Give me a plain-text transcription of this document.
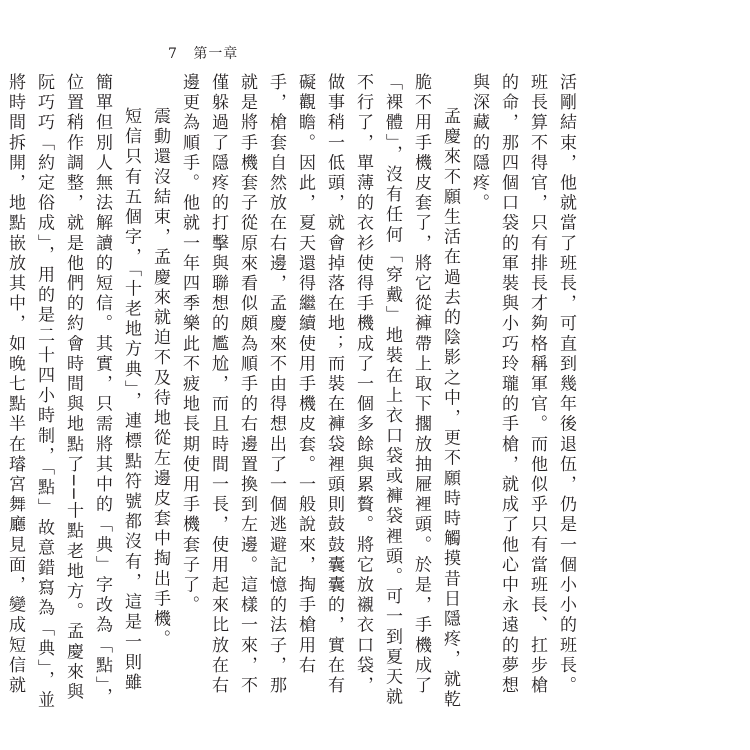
7 第一章

活剛結束，他就當了班長，可直到幾年後退伍，仍是一個小小的班長。班長算不得官，只有排長才夠格稱軍官。而他似乎只有當班長、扛步槍的命，那四個口袋的軍裝與小巧玲瓏的手槍，就成了他心中永遠的夢想與深藏的隱疼。

孟慶來不願生活在過去的陰影之中，更不願時時觸摸昔日隱疼，就乾脆不用手機皮套了，將它從褲帶上取下擱放抽屜裡頭。於是，手機成了「裸體」，沒有任何「穿戴」地裝在上衣口袋或褲袋裡頭。可一到夏天就不行了，單薄的衣衫使得手機成了一個多餘與累贅。將它放襯衣口袋，做事稍一低頭，就會掉落在地；而裝在褲袋裡頭則鼓鼓囊囊的，實在有礙觀瞻。因此，夏天還得繼續使用手機皮套。一般說來，掏手槍用右手，槍套自然放在右邊，孟慶來不由得想出了一個逃避記憶的法子，那就是將手機套子從原來看似頗為順手的右邊置換到左邊。這樣一來，不僅躲過了隱疼的打擊與聯想的尷尬，而且時間一長，使用起來比放在右邊更為順手。他就一年四季樂此不疲地長期使用手機套子了。

震動還沒結束，孟慶來就迫不及待地從左邊皮套中掏出手機。

短信只有五個字，「十老地方典」，連標點符號都沒有，這是一則雖簡單但別人無法解讀的短信。其實，只需將其中的「典」字改為「點」，位置稍作調整，就是他們的約會時間與地點了──十點老地方。孟慶來與阮巧巧「約定俗成」，用的是二十四小時制，「點」故意錯寫為「典」，並將時間拆開，地點嵌放其中，如晚七點半在璿宮舞廳見面，變成短信就
